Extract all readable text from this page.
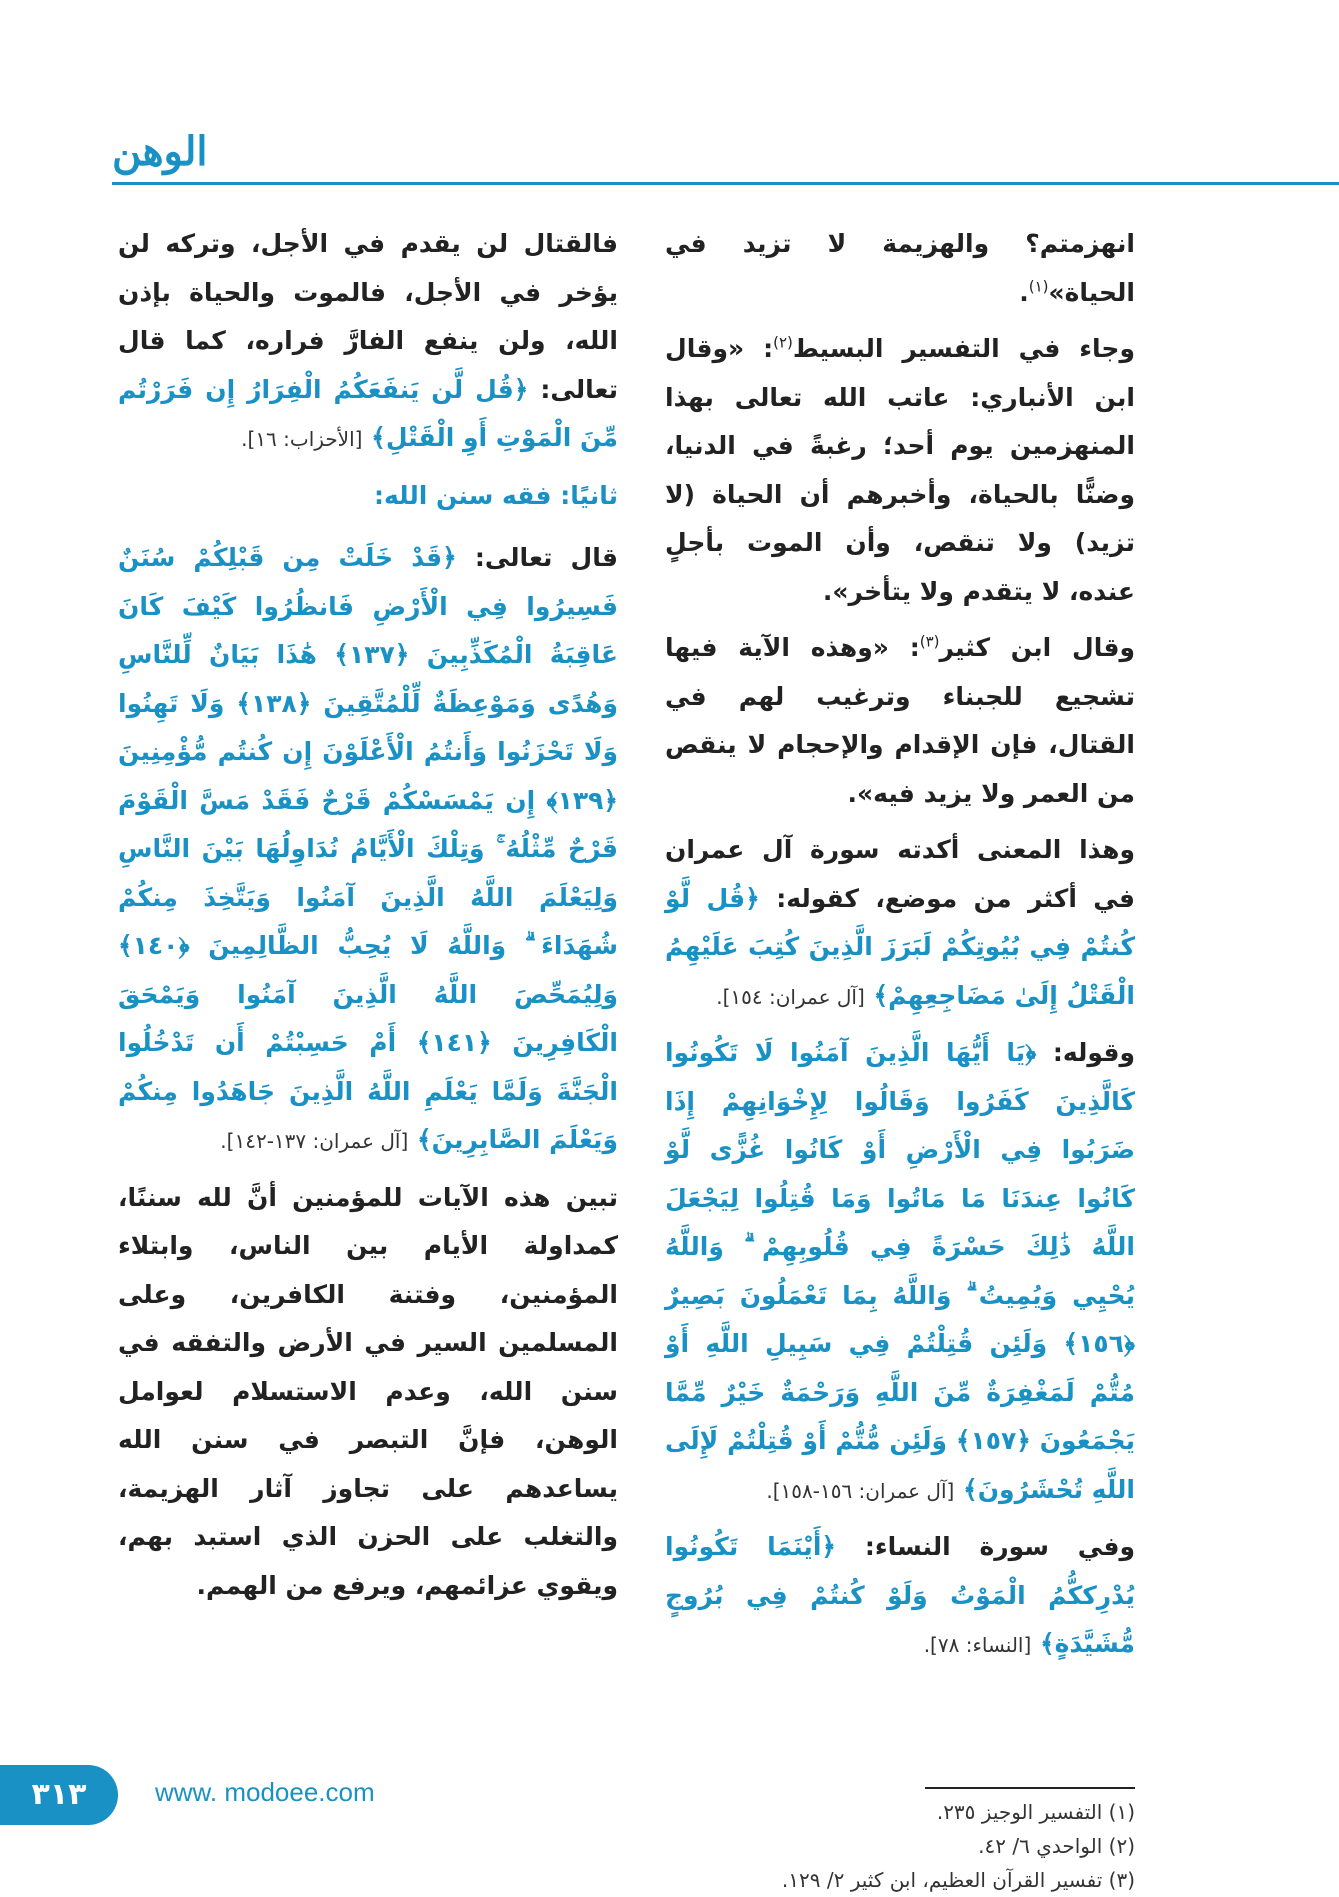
الوهن

انهزمتم؟ والهزيمة لا تزيد في الحياة»$^{(١)}$.

وجاء في التفسير البسيط$^{(٢)}$: «وقال ابن الأنباري: عاتب الله تعالى بهذا المنهزمين يوم أحد؛ رغبةً في الدنيا، وضنًّا بالحياة، وأخبرهم أن الحياة (لا تزيد) ولا تنقص، وأن الموت بأجلٍ عنده، لا يتقدم ولا يتأخر».

وقال ابن كثير$^{(٣)}$: «وهذه الآية فيها تشجيع للجبناء وترغيب لهم في القتال، فإن الإقدام والإحجام لا ينقص من العمر ولا يزيد فيه».

وهذا المعنى أكدته سورة آل عمران في أكثر من موضع، كقوله: ﴿قُل لَّوْ كُنتُمْ فِي بُيُوتِكُمْ لَبَرَزَ الَّذِينَ كُتِبَ عَلَيْهِمُ الْقَتْلُ إِلَىٰ مَضَاجِعِهِمْ﴾ [آل عمران: ١٥٤].

وقوله: ﴿يَا أَيُّهَا الَّذِينَ آمَنُوا لَا تَكُونُوا كَالَّذِينَ كَفَرُوا وَقَالُوا لِإِخْوَانِهِمْ إِذَا ضَرَبُوا فِي الْأَرْضِ أَوْ كَانُوا غُزًّى لَّوْ كَانُوا عِندَنَا مَا مَاتُوا وَمَا قُتِلُوا لِيَجْعَلَ اللَّهُ ذَٰلِكَ حَسْرَةً فِي قُلُوبِهِمْ ۗ وَاللَّهُ يُحْيِي وَيُمِيتُ ۗ وَاللَّهُ بِمَا تَعْمَلُونَ بَصِيرٌ ﴿١٥٦﴾ وَلَئِن قُتِلْتُمْ فِي سَبِيلِ اللَّهِ أَوْ مُتُّمْ لَمَغْفِرَةٌ مِّنَ اللَّهِ وَرَحْمَةٌ خَيْرٌ مِّمَّا يَجْمَعُونَ ﴿١٥٧﴾ وَلَئِن مُّتُّمْ أَوْ قُتِلْتُمْ لَإِلَى اللَّهِ تُحْشَرُونَ﴾ [آل عمران: ١٥٦-١٥٨].

وفي سورة النساء: ﴿أَيْنَمَا تَكُونُوا يُدْرِككُّمُ الْمَوْتُ وَلَوْ كُنتُمْ فِي بُرُوجٍ مُّشَيَّدَةٍ﴾ [النساء: ٧٨].

فالقتال لن يقدم في الأجل، وتركه لن يؤخر في الأجل، فالموت والحياة بإذن الله، ولن ينفع الفارَّ فراره، كما قال تعالى: ﴿قُل لَّن يَنفَعَكُمُ الْفِرَارُ إِن فَرَرْتُم مِّنَ الْمَوْتِ أَوِ الْقَتْلِ﴾ [الأحزاب: ١٦].

ثانيًا: فقه سنن الله:

قال تعالى: ﴿قَدْ خَلَتْ مِن قَبْلِكُمْ سُنَنٌ فَسِيرُوا فِي الْأَرْضِ فَانظُرُوا كَيْفَ كَانَ عَاقِبَةُ الْمُكَذِّبِينَ ﴿١٣٧﴾ هَٰذَا بَيَانٌ لِّلنَّاسِ وَهُدًى وَمَوْعِظَةٌ لِّلْمُتَّقِينَ ﴿١٣٨﴾ وَلَا تَهِنُوا وَلَا تَحْزَنُوا وَأَنتُمُ الْأَعْلَوْنَ إِن كُنتُم مُّؤْمِنِينَ ﴿١٣٩﴾ إِن يَمْسَسْكُمْ قَرْحٌ فَقَدْ مَسَّ الْقَوْمَ قَرْحٌ مِّثْلُهُ ۚ وَتِلْكَ الْأَيَّامُ نُدَاوِلُهَا بَيْنَ النَّاسِ وَلِيَعْلَمَ اللَّهُ الَّذِينَ آمَنُوا وَيَتَّخِذَ مِنكُمْ شُهَدَاءَ ۗ وَاللَّهُ لَا يُحِبُّ الظَّالِمِينَ ﴿١٤٠﴾ وَلِيُمَحِّصَ اللَّهُ الَّذِينَ آمَنُوا وَيَمْحَقَ الْكَافِرِينَ ﴿١٤١﴾ أَمْ حَسِبْتُمْ أَن تَدْخُلُوا الْجَنَّةَ وَلَمَّا يَعْلَمِ اللَّهُ الَّذِينَ جَاهَدُوا مِنكُمْ وَيَعْلَمَ الصَّابِرِينَ﴾ [آل عمران: ١٣٧-١٤٢].

تبين هذه الآيات للمؤمنين أنَّ لله سننًا، كمداولة الأيام بين الناس، وابتلاء المؤمنين، وفتنة الكافرين، وعلى المسلمين السير في الأرض والتفقه في سنن الله، وعدم الاستسلام لعوامل الوهن، فإنَّ التبصر في سنن الله يساعدهم على تجاوز آثار الهزيمة، والتغلب على الحزن الذي استبد بهم، ويقوي عزائمهم، ويرفع من الهمم.

(١) التفسير الوجيز ٢٣٥.
(٢) الواحدي ٦/ ٤٢.
(٣) تفسير القرآن العظيم، ابن كثير ٢/ ١٢٩.
٣١٣	www. modoee.com
